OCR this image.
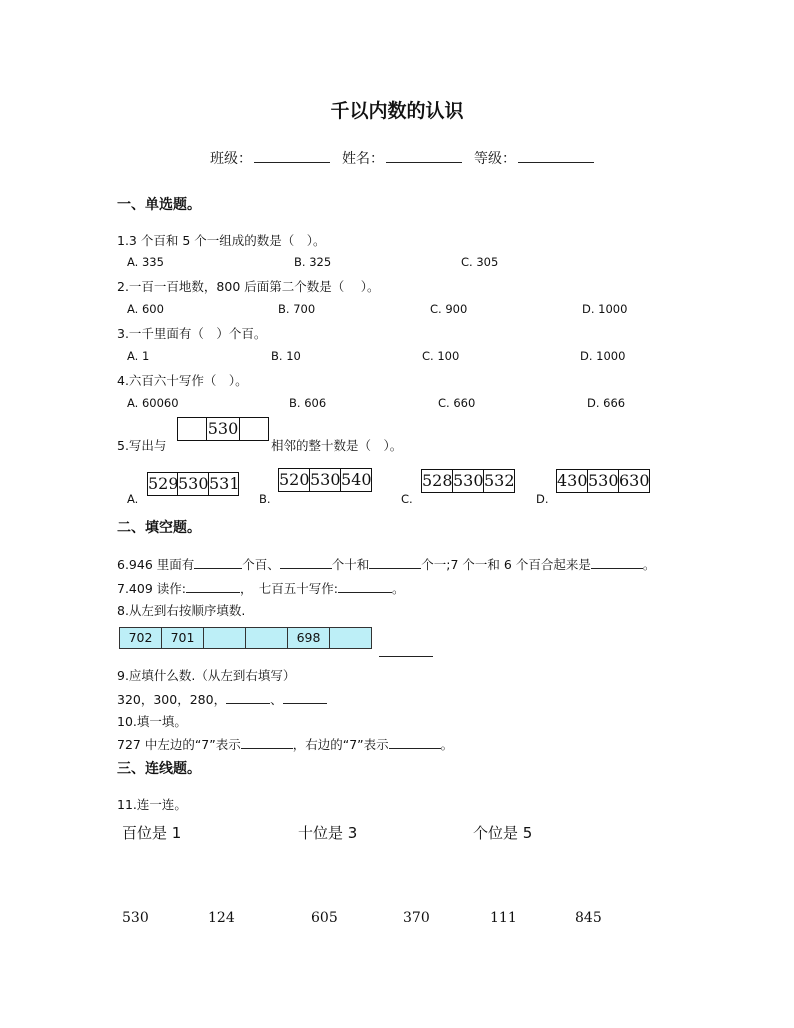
千以内数的认识
班级：	姓名：	等级：
一、单选题。
1.3 个百和 5 个一组成的数是（　）。
A. 335	B. 325	C. 305
2.一百一百地数，800 后面第二个数是（　 ）。
A. 600	B. 700	C. 900	D. 1000
3.一千里面有（　）个百。
A. 1	B. 10	C. 100	D. 1000
4.六百六十写作（　）。
A. 60060	B. 606	C. 660	D. 666
5.写出与
530
相邻的整十数是（　）。
A.
529 530 531
B.
520 530 540
C.
528 530 532
D.
430 530 630
二、填空题。
6.946 里面有	个百、	个十和	个一;7 个一和 6 个百合起来是	。
7.409 读作:	，　七百五十写作:	。
8.从左到右按顺序填数.
702	701	698
9.应填什么数.（从左到右填写）
320，300，280，	、
10.填一填。
727 中左边的“7”表示	，右边的“7”表示	。
三、连线题。
11.连一连。
百位是 1	十位是 3	个位是 5
530	124	605	370	111	845
